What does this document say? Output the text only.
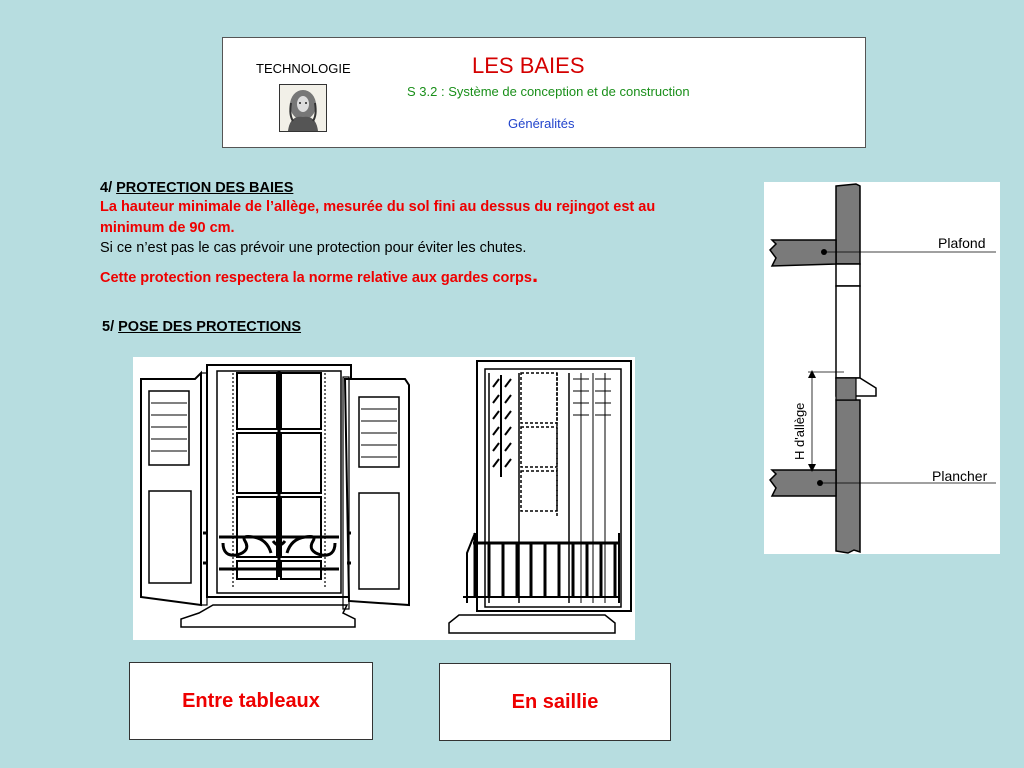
TECHNOLOGIE	LES BAIES
S 3.2 : Système de conception et de construction
Généralités
4/ PROTECTION DES BAIES
La hauteur minimale de l’allège, mesurée du sol fini au dessus du rejingot est au
minimum de 90 cm.
Si ce n’est pas le cas prévoir une protection pour éviter les chutes.
Cette protection respectera la norme relative aux gardes corps.
5/ POSE DES PROTECTIONS
Plafond
Plancher
H d'allège
Entre tableaux	En saillie
